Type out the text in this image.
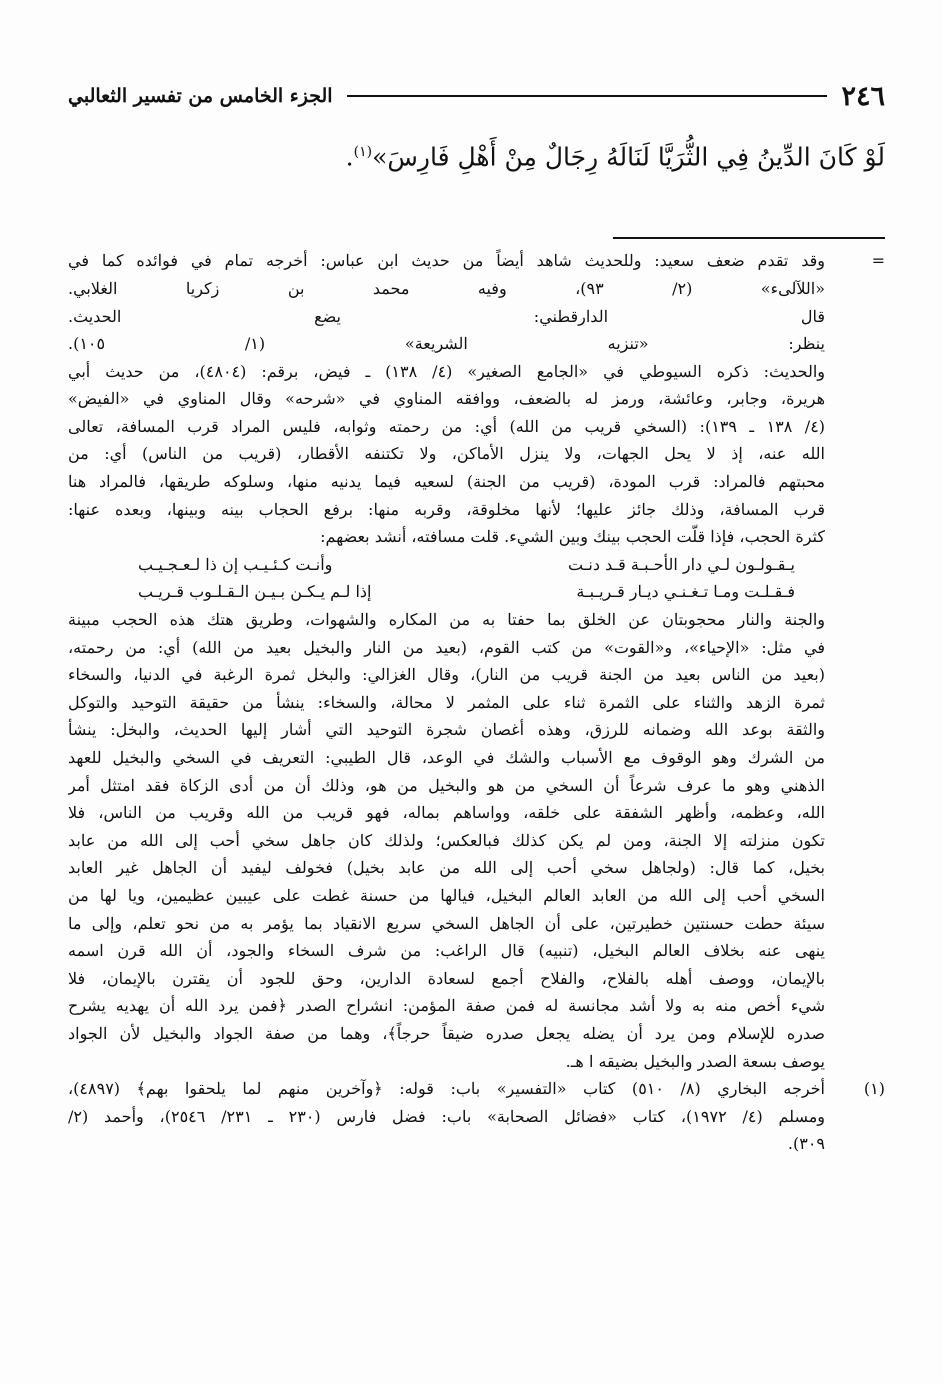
٢٤٦
الجزء الخامس من تفسير الثعالبي
لَوْ كَانَ الدِّينُ فِي الثُّرَيَّا لَنَالَهُ رِجَالٌ مِنْ أَهْلِ فَارِسَ»$^{(١)}$.
=
وقد تقدم ضعف سعيد: وللحديث شاهد أيضاً من حديث ابن عباس: أخرجه تمام في فوائده كما في
«اللآلىء» (٢/ ٩٣)، وفيه محمد بن زكريا الغلابي.
قال الدارقطني: يضع الحديث.
ينظر: «تنزيه الشريعة» (١/ ١٠٥).
والحديث: ذكره السيوطي في «الجامع الصغير» (٤/ ١٣٨) ـ فيض، برقم: (٤٨٠٤)، من حديث أبي
هريرة، وجابر، وعائشة، ورمز له بالضعف، ووافقه المناوي في «شرحه» وقال المناوي في «الفيض»
(٤/ ١٣٨ ـ ١٣٩): (السخي قريب من الله) أي: من رحمته وثوابه، فليس المراد قرب المسافة، تعالى
الله عنه، إذ لا يحل الجهات، ولا ينزل الأماكن، ولا تكتنفه الأقطار، (قريب من الناس) أي: من
محبتهم فالمراد: قرب المودة، (قريب من الجنة) لسعيه فيما يدنيه منها، وسلوكه طريقها، فالمراد هنا
قرب المسافة، وذلك جائز عليها؛ لأنها مخلوقة، وقربه منها: برفع الحجاب بينه وبينها، وبعده عنها:
كثرة الحجب، فإذا قلّت الحجب بينك وبين الشيء. قلت مسافته، أنشد بعضهم:
يـقـولـون لـي دار الأحـبـة قـد دنـت
وأنـت كـئـيـب إن ذا لـعـجـيـب
فـقـلـت ومـا تـغـنـي ديـار قـريـبـة
إذا لـم يـكـن بـيـن الـقـلـوب قـريـب
والجنة والنار محجوبتان عن الخلق بما حفتا به من المكاره والشهوات، وطريق هتك هذه الحجب مبينة
في مثل: «الإحياء»، و«القوت» من كتب القوم، (بعيد من النار والبخيل بعيد من الله) أي: من رحمته،
(بعيد من الناس بعيد من الجنة قريب من النار)، وقال الغزالي: والبخل ثمرة الرغبة في الدنيا، والسخاء
ثمرة الزهد والثناء على الثمرة ثناء على المثمر لا محالة، والسخاء: ينشأ من حقيقة التوحيد والتوكل
والثقة بوعد الله وضمانه للرزق، وهذه أغصان شجرة التوحيد التي أشار إليها الحديث، والبخل: ينشأ
من الشرك وهو الوقوف مع الأسباب والشك في الوعد، قال الطيبي: التعريف في السخي والبخيل للعهد
الذهني وهو ما عرف شرعاً أن السخي من هو والبخيل من هو، وذلك أن من أدى الزكاة فقد امتثل أمر
الله، وعظمه، وأظهر الشفقة على خلقه، وواساهم بماله، فهو قريب من الله وقريب من الناس، فلا
تكون منزلته إلا الجنة، ومن لم يكن كذلك فبالعكس؛ ولذلك كان جاهل سخي أحب إلى الله من عابد
بخيل، كما قال: (ولجاهل سخي أحب إلى الله من عابد بخيل) فخولف ليفيد أن الجاهل غير العابد
السخي أحب إلى الله من العابد العالم البخيل، فيالها من حسنة غطت على عيبين عظيمين، ويا لها من
سيئة حطت حسنتين خطيرتين، على أن الجاهل السخي سريع الانقياد بما يؤمر به من نحو تعلم، وإلى ما
ينهى عنه بخلاف العالم البخيل، (تنبيه) قال الراغب: من شرف السخاء والجود، أن الله قرن اسمه
بالإيمان، ووصف أهله بالفلاح، والفلاح أجمع لسعادة الدارين، وحق للجود أن يقترن بالإيمان، فلا
شيء أخص منه به ولا أشد مجانسة له فمن صفة المؤمن: انشراح الصدر ﴿فمن يرد الله أن يهديه يشرح
صدره للإسلام ومن يرد أن يضله يجعل صدره ضيقاً حرجاً﴾، وهما من صفة الجواد والبخيل لأن الجواد
يوصف بسعة الصدر والبخيل بضيقه ا هـ.
(١)
أخرجه البخاري (٨/ ٥١٠) كتاب «التفسير» باب: قوله: ﴿وآخرين منهم لما يلحقوا بهم﴾ (٤٨٩٧)،
ومسلم (٤/ ١٩٧٢)، كتاب «فضائل الصحابة» باب: فضل فارس (٢٣٠ ـ ٢٣١/ ٢٥٤٦)، وأحمد (٢/
٣٠٩).
